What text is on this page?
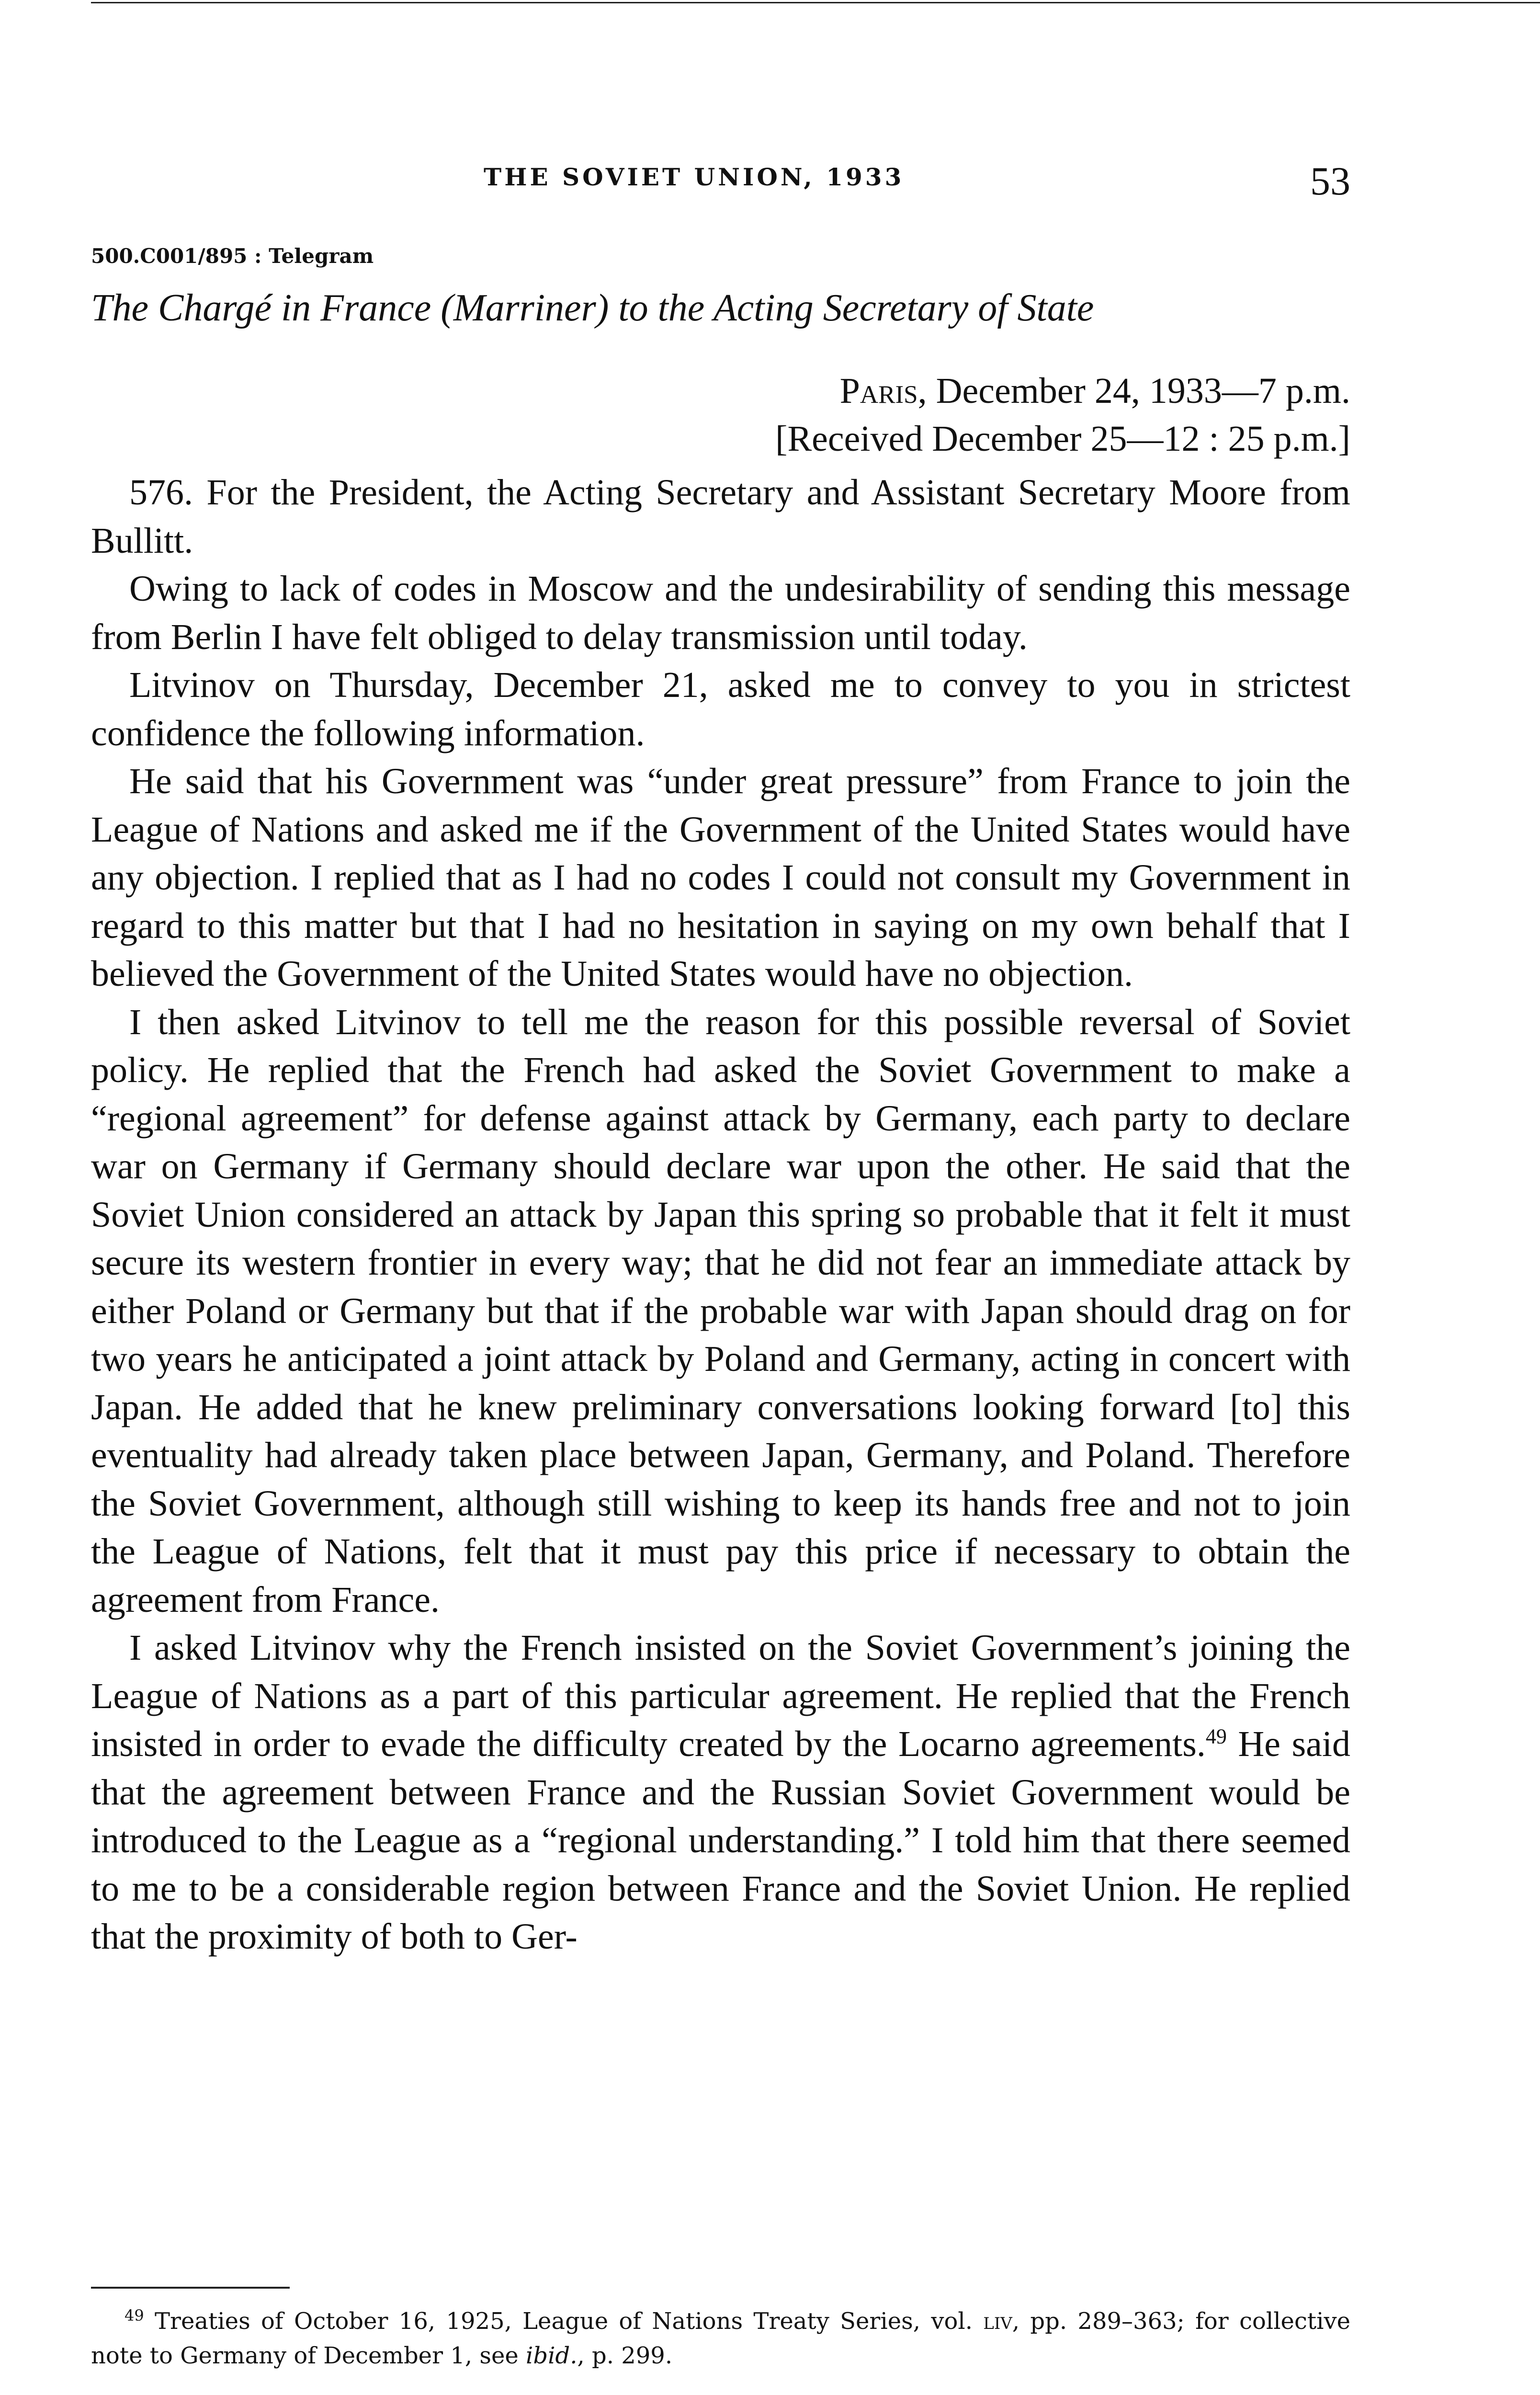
THE SOVIET UNION, 1933	53
500.C001/895 : Telegram
The Chargé in France (Marriner) to the Acting Secretary of State
Paris, December 24, 1933—7 p.m.
[Received December 25—12 : 25 p.m.]

576. For the President, the Acting Secretary and Assistant Secretary Moore from Bullitt.

Owing to lack of codes in Moscow and the undesirability of sending this message from Berlin I have felt obliged to delay transmission until today.

Litvinov on Thursday, December 21, asked me to convey to you in strictest confidence the following information.

He said that his Government was “under great pressure” from France to join the League of Nations and asked me if the Government of the United States would have any objection. I replied that as I had no codes I could not consult my Government in regard to this matter but that I had no hesitation in saying on my own behalf that I believed the Government of the United States would have no objection.

I then asked Litvinov to tell me the reason for this possible reversal of Soviet policy. He replied that the French had asked the Soviet Government to make a “regional agreement” for defense against attack by Germany, each party to declare war on Germany if Germany should declare war upon the other. He said that the Soviet Union considered an attack by Japan this spring so probable that it felt it must secure its western frontier in every way; that he did not fear an immediate attack by either Poland or Germany but that if the probable war with Japan should drag on for two years he anticipated a joint attack by Poland and Germany, acting in concert with Japan. He added that he knew preliminary conversations looking forward [to] this eventuality had already taken place between Japan, Germany, and Poland. Therefore the Soviet Government, although still wishing to keep its hands free and not to join the League of Nations, felt that it must pay this price if necessary to obtain the agreement from France.

I asked Litvinov why the French insisted on the Soviet Government’s joining the League of Nations as a part of this particular agreement. He replied that the French insisted in order to evade the difficulty created by the Locarno agreements.$^{49}$ He said that the agreement between France and the Russian Soviet Government would be introduced to the League as a “regional understanding.” I told him that there seemed to me to be a considerable region between France and the Soviet Union. He replied that the proximity of both to Ger-

$^{49}$ Treaties of October 16, 1925, League of Nations Treaty Series, vol. liv, pp. 289–363; for collective note to Germany of December 1, see ibid., p. 299.
